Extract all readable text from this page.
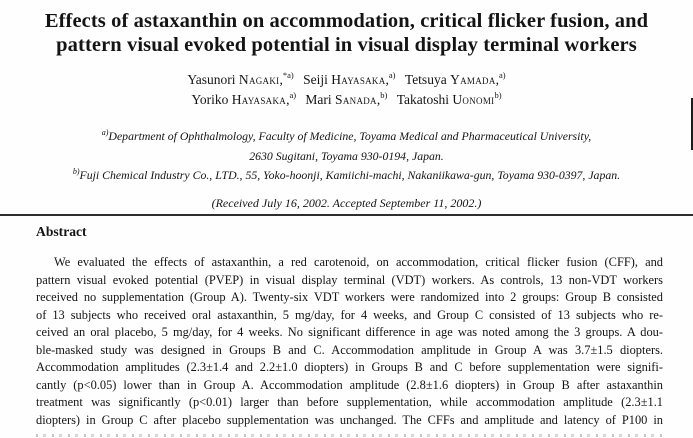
Effects of astaxanthin on accommodation, critical flicker fusion, and
pattern visual evoked potential in visual display terminal workers
Yasunori Nagaki,$^{*a)}$ Seiji Hayasaka,$^{a)}$ Tetsuya Yamada,$^{a)}$
Yoriko Hayasaka,$^{a)}$ Mari Sanada,$^{b)}$ Takatoshi Uonomi$^{b)}$
$^{a)}$Department of Ophthalmology, Faculty of Medicine, Toyama Medical and Pharmaceutical University,
2630 Sugitani, Toyama 930-0194, Japan.
$^{b)}$Fuji Chemical Industry Co., LTD., 55, Yoko-hoonji, Kamiichi-machi, Nakaniikawa-gun, Toyama 930-0397, Japan.
(Received July 16, 2002. Accepted September 11, 2002.)
Abstract
We evaluated the effects of astaxanthin, a red carotenoid, on accommodation, critical flicker fusion (CFF), and
pattern visual evoked potential (PVEP) in visual display terminal (VDT) workers. As controls, 13 non-VDT workers
received no supplementation (Group A). Twenty-six VDT workers were randomized into 2 groups: Group B consisted
of 13 subjects who received oral astaxanthin, 5 mg/day, for 4 weeks, and Group C consisted of 13 subjects who re-
ceived an oral placebo, 5 mg/day, for 4 weeks. No significant difference in age was noted among the 3 groups. A dou-
ble-masked study was designed in Groups B and C. Accommodation amplitude in Group A was 3.7±1.5 diopters.
Accommodation amplitudes (2.3±1.4 and 2.2±1.0 diopters) in Groups B and C before supplementation were signifi-
cantly (p<0.05) lower than in Group A. Accommodation amplitude (2.8±1.6 diopters) in Group B after astaxanthin
treatment was significantly (p<0.01) larger than before supplementation, while accommodation amplitude (2.3±1.1
diopters) in Group C after placebo supplementation was unchanged. The CFFs and amplitude and latency of P100 in
